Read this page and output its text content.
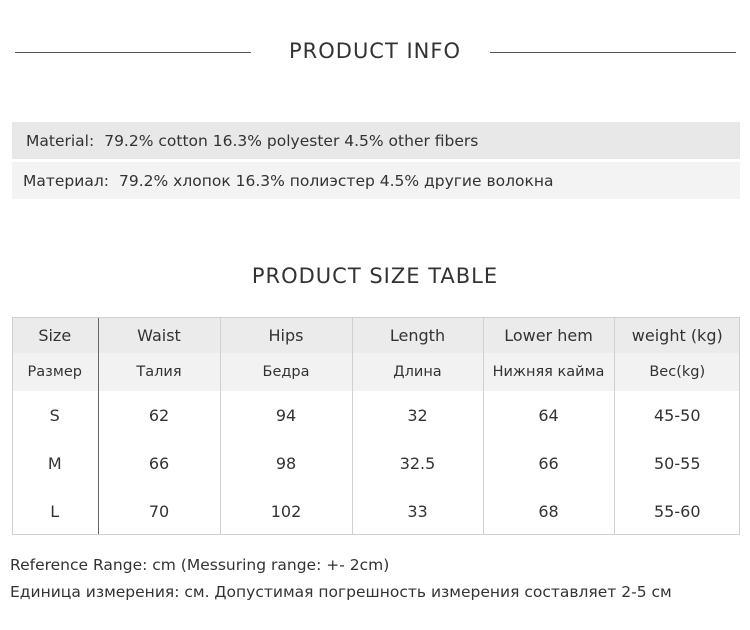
PRODUCT INFO
Material: 79.2% cotton 16.3% polyester 4.5% other fibers
Материал: 79.2% хлопок 16.3% полиэстер 4.5% другие волокна
PRODUCT SIZE TABLE
Size	Waist	Hips	Length	Lower hem	weight (kg)
Размер	Талия	Бедра	Длина	Нижняя кайма	Вес(kg)
S	62	94	32	64	45-50
M	66	98	32.5	66	50-55
L	70	102	33	68	55-60
Reference Range: cm (Messuring range: +- 2cm)
Единица измерения: см. Допустимая погрешность измерения составляет 2-5 см
